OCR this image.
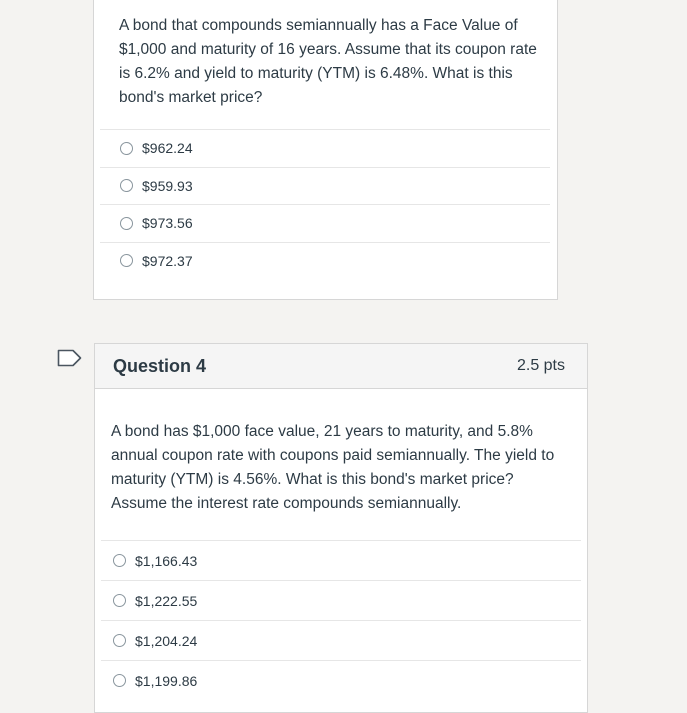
A bond that compounds semiannually has a Face Value of $1,000 and maturity of 16 years. Assume that its coupon rate is 6.2% and yield to maturity (YTM) is 6.48%. What is this bond's market price?
$962.24
$959.93
$973.56
$972.37
Question 4	2.5 pts
A bond has $1,000 face value, 21 years to maturity, and 5.8% annual coupon rate with coupons paid semiannually. The yield to maturity (YTM) is 4.56%. What is this bond's market price? Assume the interest rate compounds semiannually.
$1,166.43
$1,222.55
$1,204.24
$1,199.86
